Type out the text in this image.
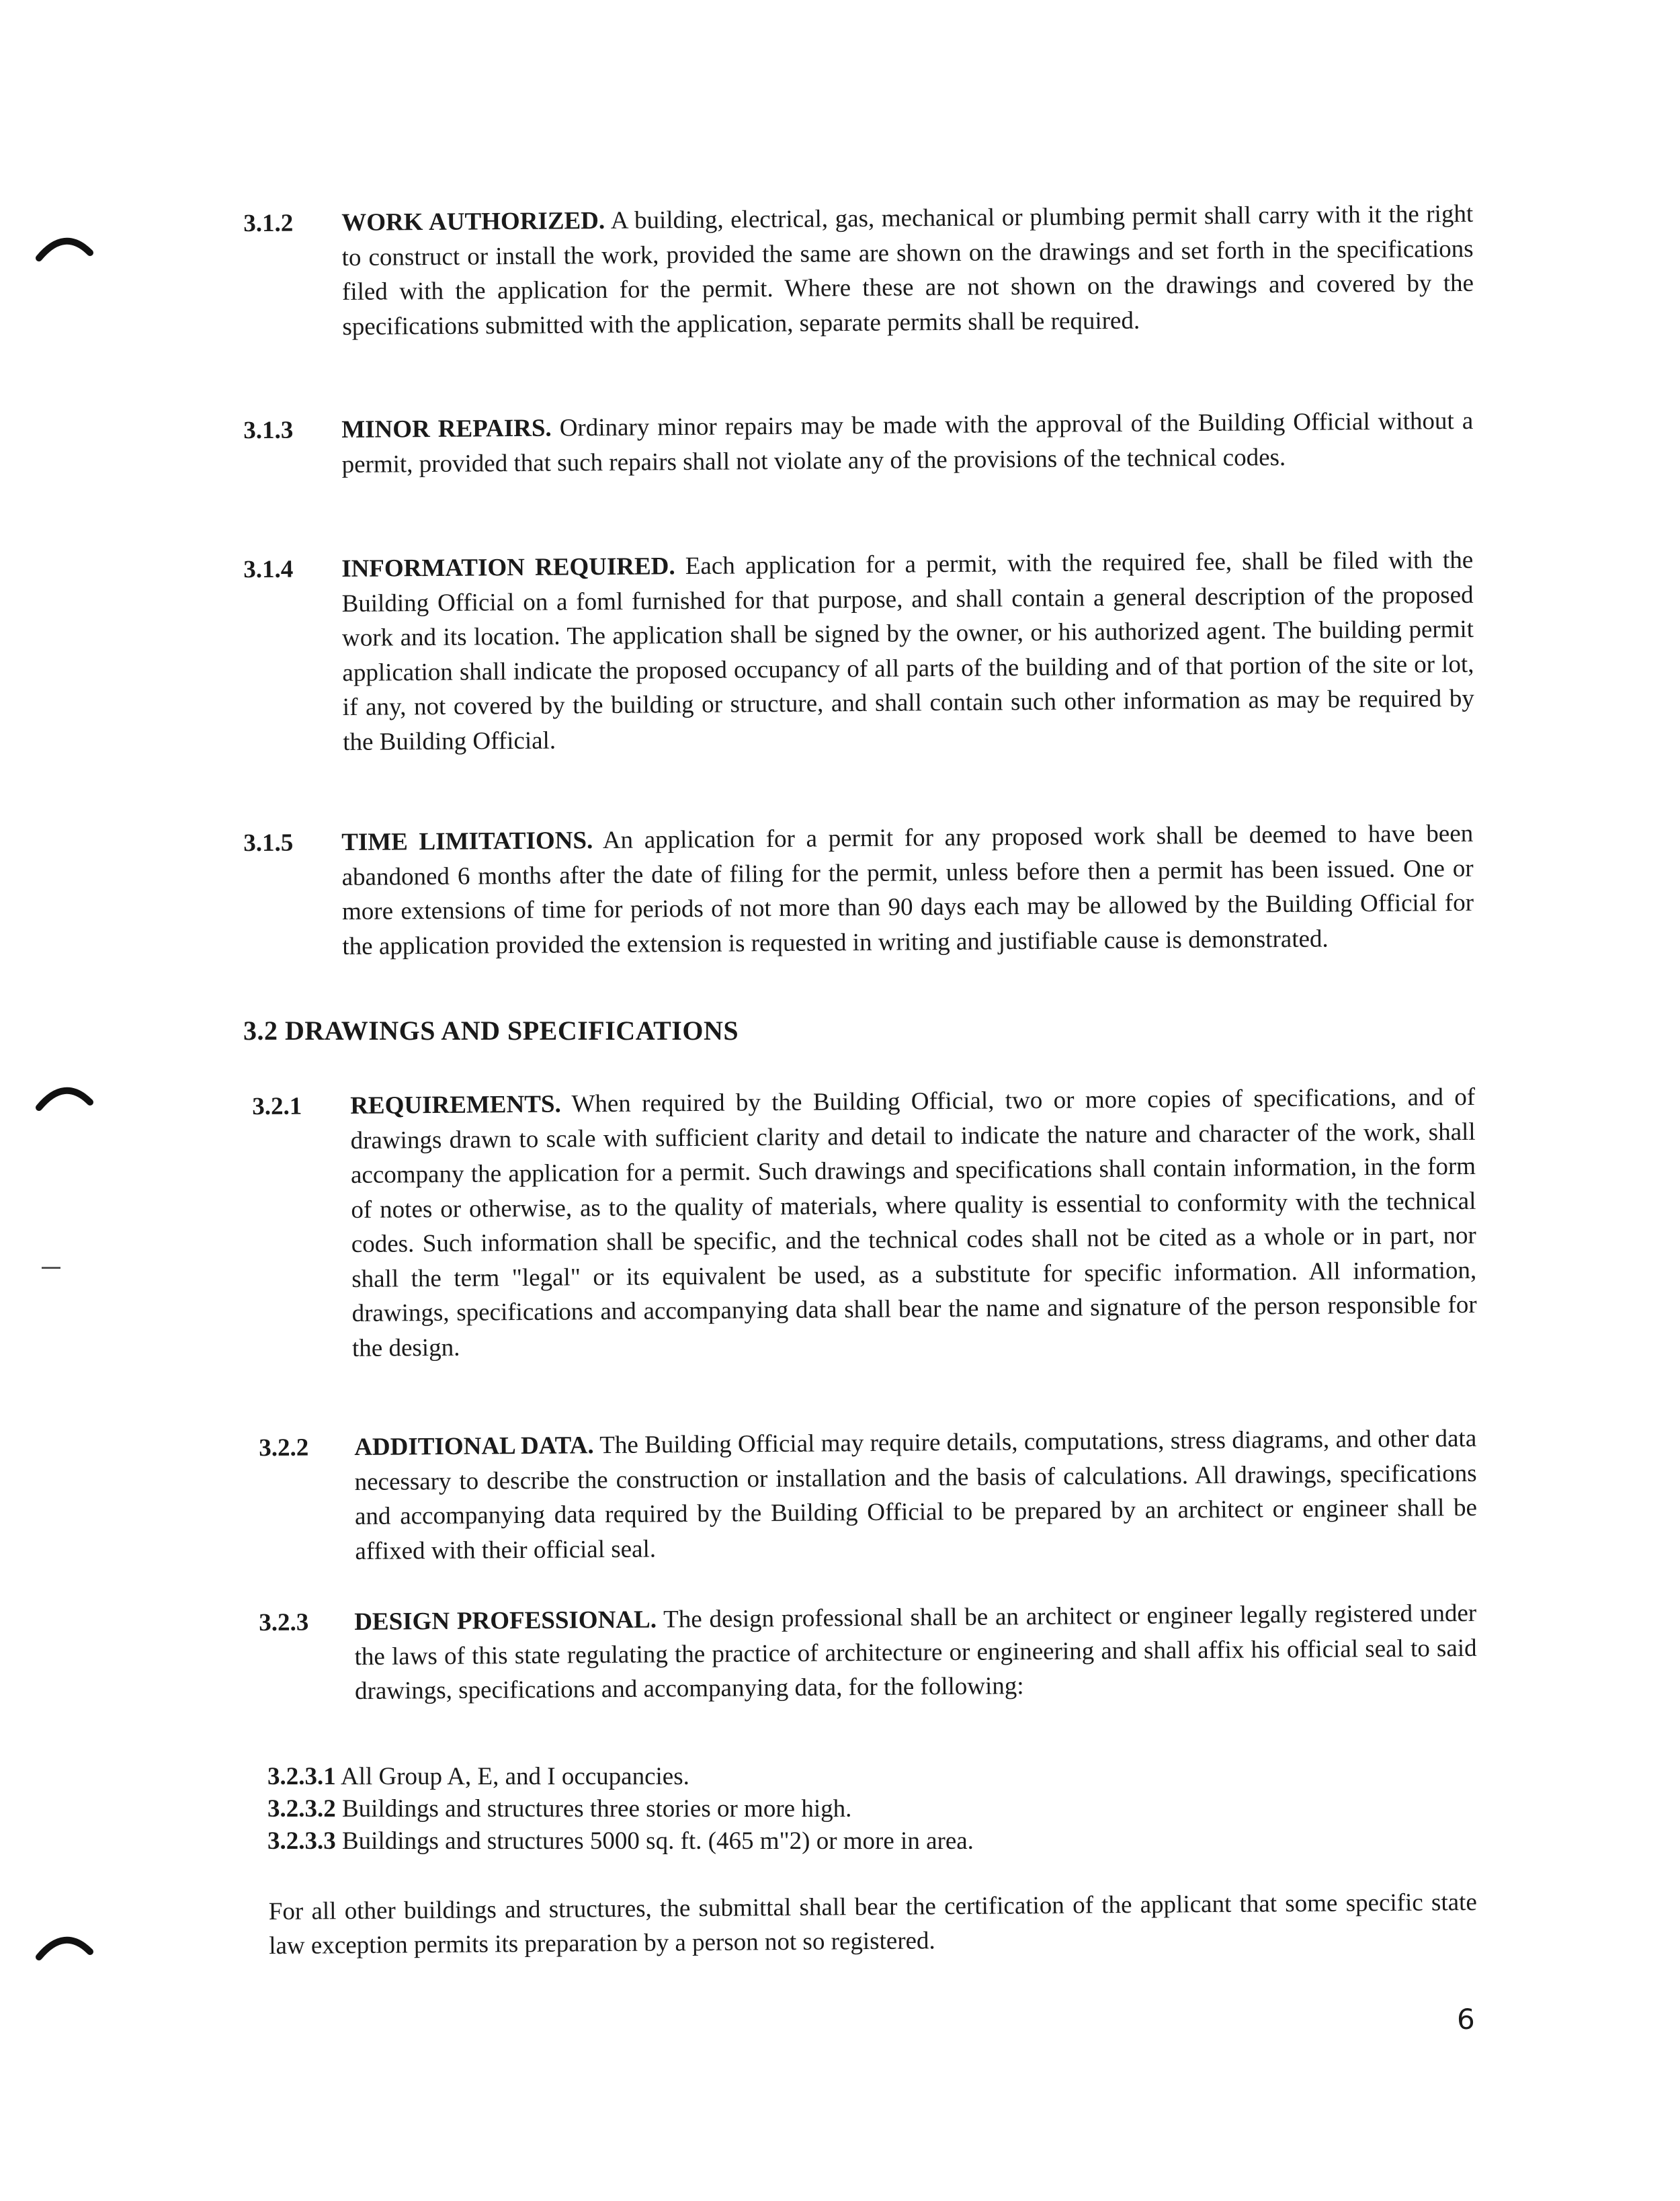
3.1.2 WORK AUTHORIZED. A building, electrical, gas, mechanical or plumbing permit shall carry with it the right to construct or install the work, provided the same are shown on the drawings and set forth in the specifications filed with the application for the permit. Where these are not shown on the drawings and covered by the specifications submitted with the application, separate permits shall be required.
3.1.3 MINOR REPAIRS. Ordinary minor repairs may be made with the approval of the Building Official without a permit, provided that such repairs shall not violate any of the provisions of the technical codes.
3.1.4 INFORMATION REQUIRED. Each application for a permit, with the required fee, shall be filed with the Building Official on a foml furnished for that purpose, and shall contain a general description of the proposed work and its location. The application shall be signed by the owner, or his authorized agent. The building permit application shall indicate the proposed occupancy of all parts of the building and of that portion of the site or lot, if any, not covered by the building or structure, and shall contain such other information as may be required by the Building Official.
3.1.5 TIME LIMITATIONS. An application for a permit for any proposed work shall be deemed to have been abandoned 6 months after the date of filing for the permit, unless before then a permit has been issued. One or more extensions of time for periods of not more than 90 days each may be allowed by the Building Official for the application provided the extension is requested in writing and justifiable cause is demonstrated.
3.2 DRAWINGS AND SPECIFICATIONS
3.2.1 REQUIREMENTS. When required by the Building Official, two or more copies of specifications, and of drawings drawn to scale with sufficient clarity and detail to indicate the nature and character of the work, shall accompany the application for a permit. Such drawings and specifications shall contain information, in the form of notes or otherwise, as to the quality of materials, where quality is essential to conformity with the technical codes. Such information shall be specific, and the technical codes shall not be cited as a whole or in part, nor shall the term "legal" or its equivalent be used, as a substitute for specific information. All information, drawings, specifications and accompanying data shall bear the name and signature of the person responsible for the design.
3.2.2 ADDITIONAL DATA. The Building Official may require details, computations, stress diagrams, and other data necessary to describe the construction or installation and the basis of calculations. All drawings, specifications and accompanying data required by the Building Official to be prepared by an architect or engineer shall be affixed with their official seal.
3.2.3 DESIGN PROFESSIONAL. The design professional shall be an architect or engineer legally registered under the laws of this state regulating the practice of architecture or engineering and shall affix his official seal to said drawings, specifications and accompanying data, for the following:
3.2.3.1 All Group A, E, and I occupancies.
3.2.3.2 Buildings and structures three stories or more high.
3.2.3.3 Buildings and structures 5000 sq. ft. (465 m"2) or more in area.
For all other buildings and structures, the submittal shall bear the certification of the applicant that some specific state law exception permits its preparation by a person not so registered.
6
